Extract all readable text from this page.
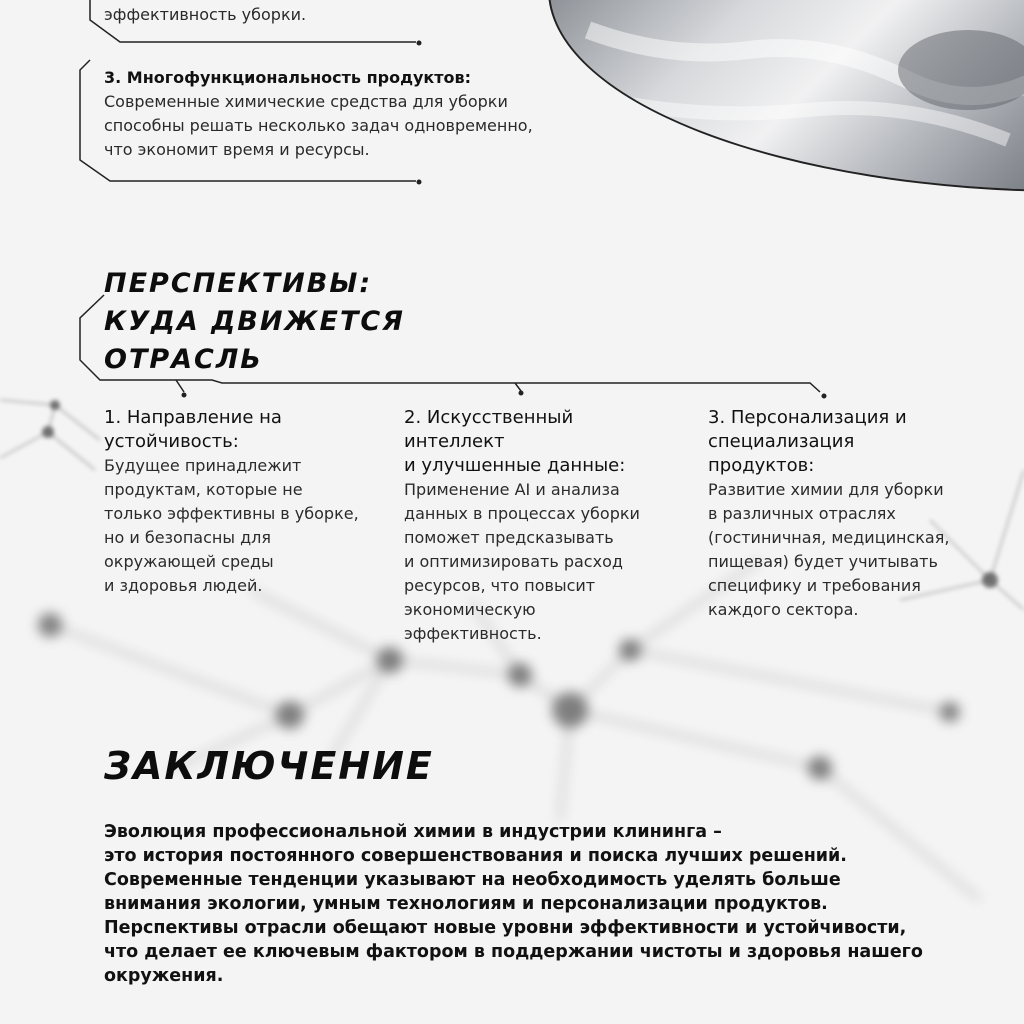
эффективность уборки.
3. Многофункциональность продуктов:
Современные химические средства для уборки
способны решать несколько задач одновременно,
что экономит время и ресурсы.
ПЕРСПЕКТИВЫ:
КУДА ДВИЖЕТСЯ
ОТРАСЛЬ
1. Направление на
устойчивость:
Будущее принадлежит
продуктам, которые не
только эффективны в уборке,
но и безопасны для
окружающей среды
и здоровья людей.
2. Искусственный
интеллект
и улучшенные данные:
Применение AI и анализа
данных в процессах уборки
поможет предсказывать
и оптимизировать расход
ресурсов, что повысит
экономическую
эффективность.
3. Персонализация и
специализация
продуктов:
Развитие химии для уборки
в различных отраслях
(гостиничная, медицинская,
пищевая) будет учитывать
специфику и требования
каждого сектора.
ЗАКЛЮЧЕНИЕ
Эволюция профессиональной химии в индустрии клининга –
это история постоянного совершенствования и поиска лучших решений.
Современные тенденции указывают на необходимость уделять больше
внимания экологии, умным технологиям и персонализации продуктов.
Перспективы отрасли обещают новые уровни эффективности и устойчивости,
что делает ее ключевым фактором в поддержании чистоты и здоровья нашего
окружения.
